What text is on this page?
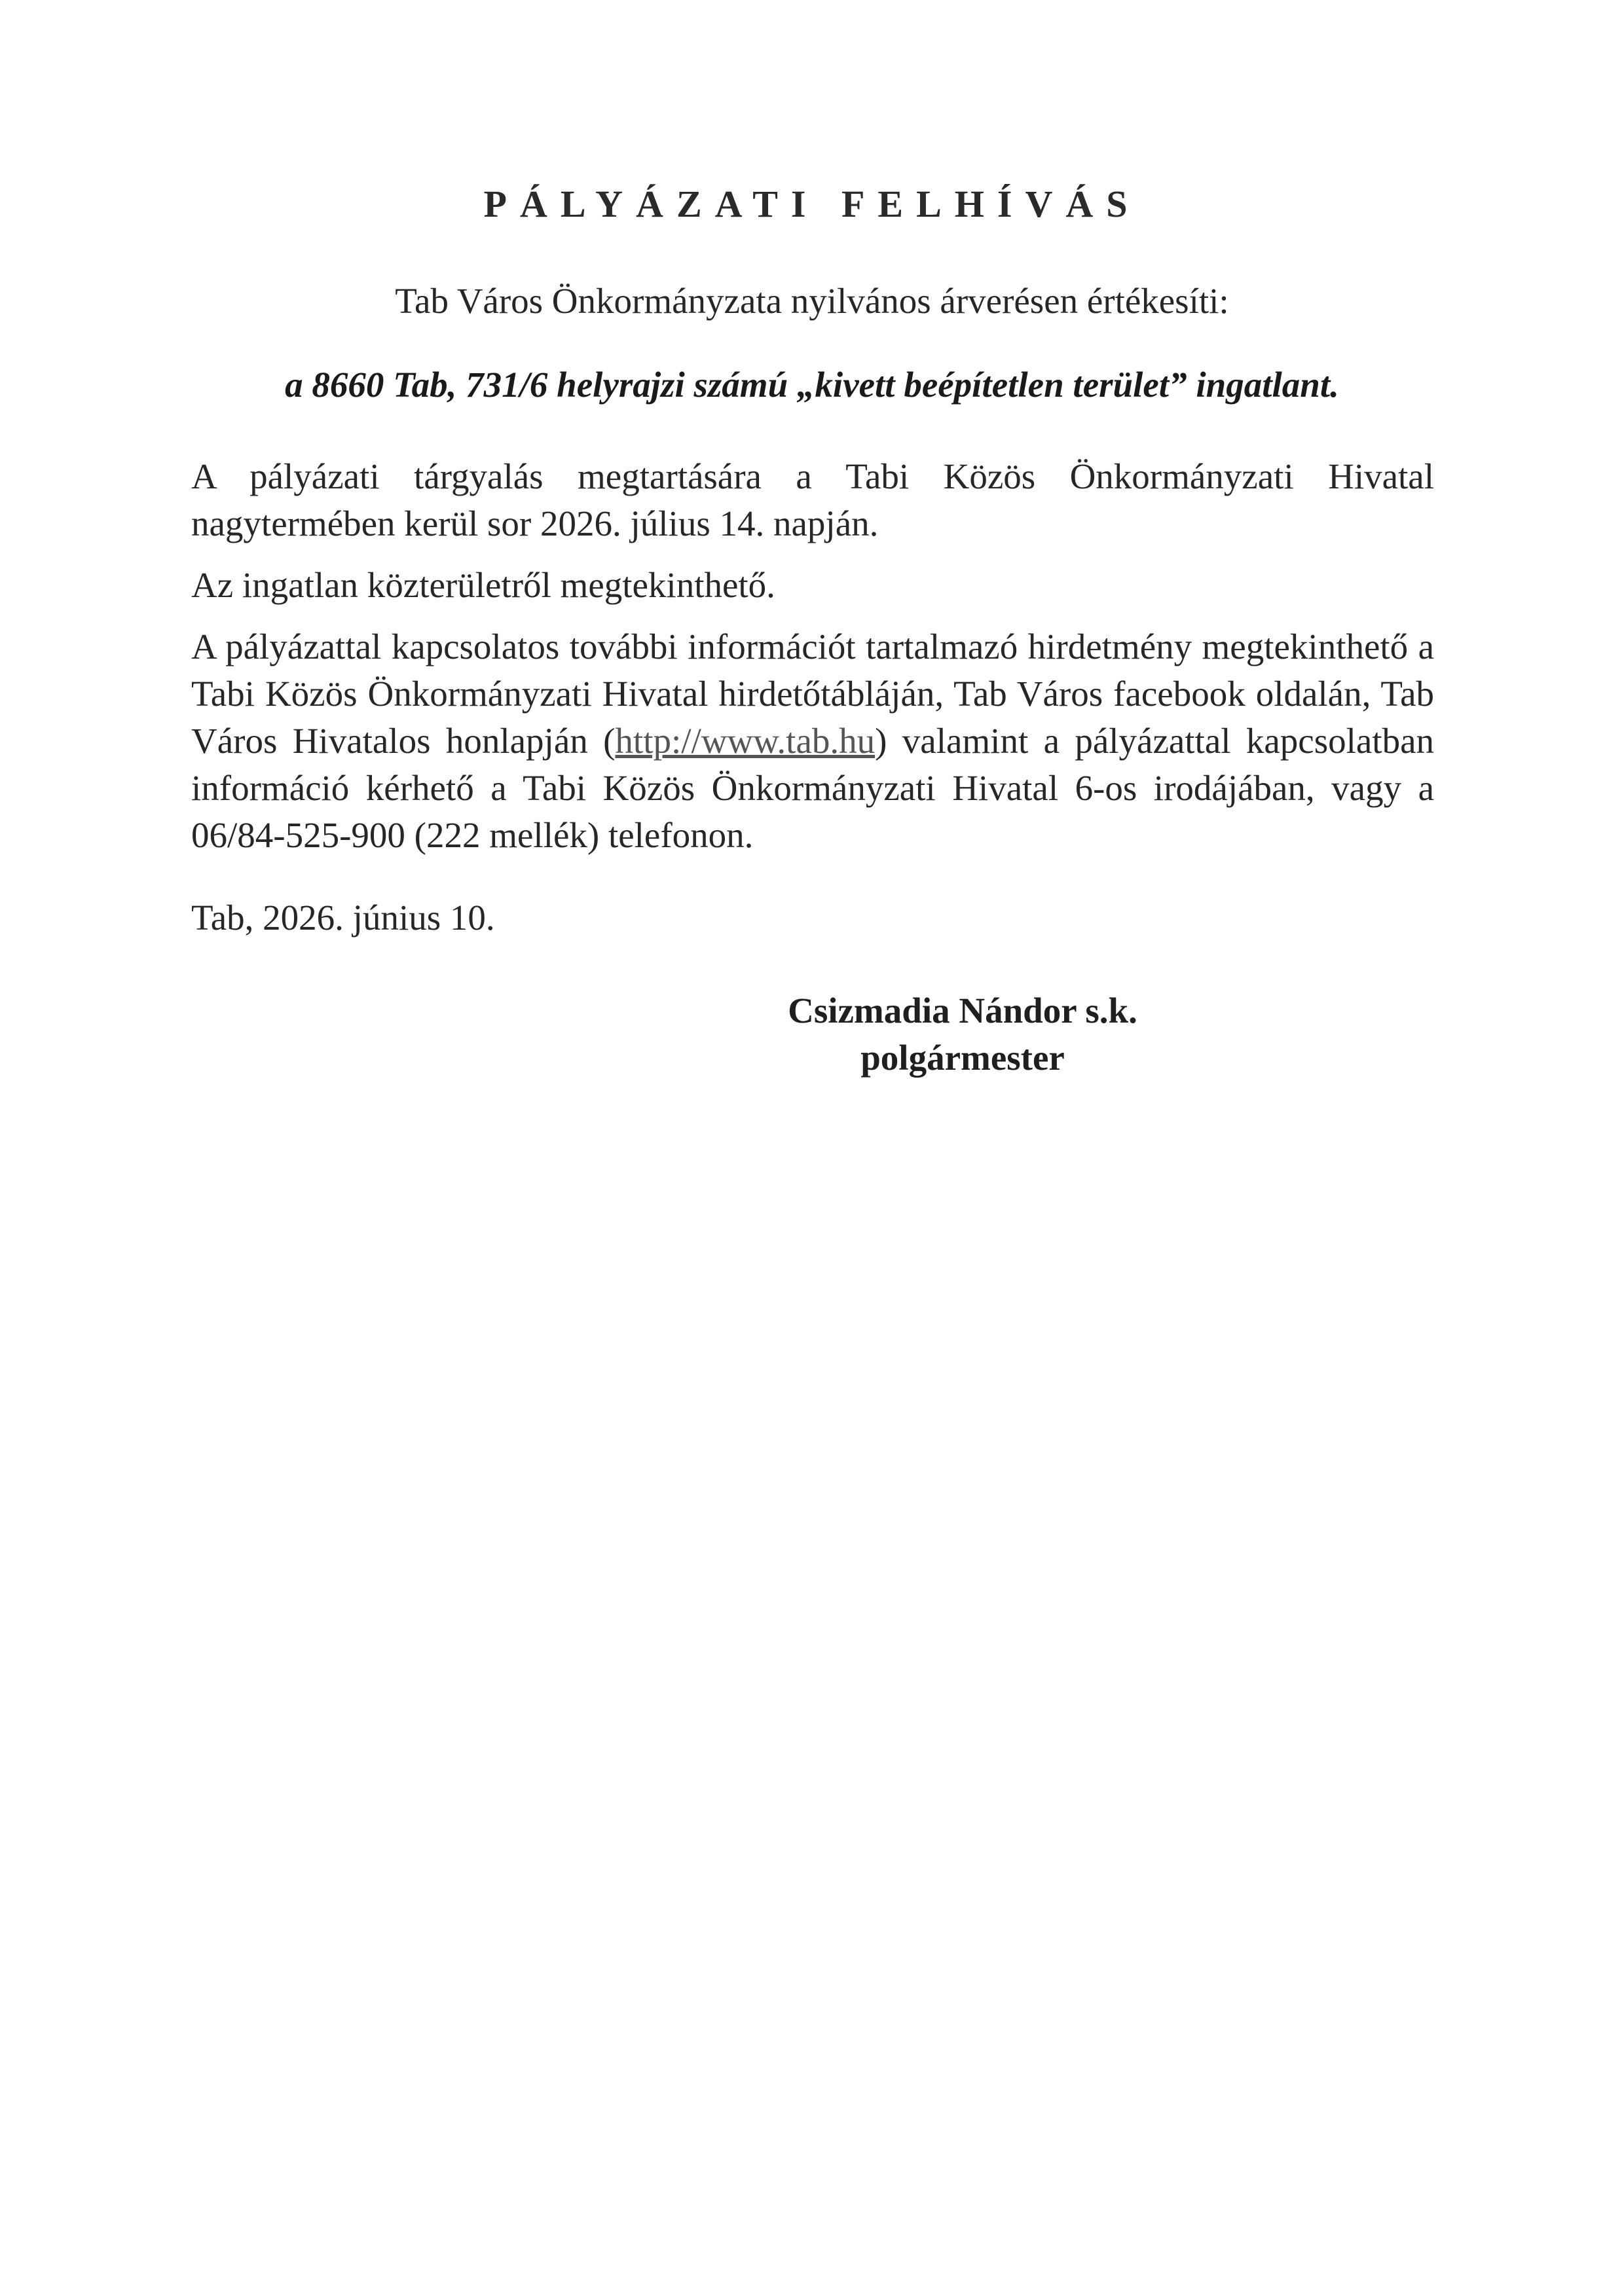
PÁLYÁZATI FELHÍVÁS
Tab Város Önkormányzata nyilvános árverésen értékesíti:
a 8660 Tab, 731/6 helyrajzi számú „kivett beépítetlen terület” ingatlant.
A pályázati tárgyalás megtartására a Tabi Közös Önkormányzati Hivatal nagytermében kerül sor 2026. július 14. napján.
Az ingatlan közterületről megtekinthető.
A pályázattal kapcsolatos további információt tartalmazó hirdetmény megtekinthető a Tabi Közös Önkormányzati Hivatal hirdetőtábláján, Tab Város facebook oldalán, Tab Város Hivatalos honlapján (http://www.tab.hu) valamint a pályázattal kapcsolatban információ kérhető a Tabi Közös Önkormányzati Hivatal 6-os irodájában, vagy a 06/84-525-900 (222 mellék) telefonon.
Tab, 2026. június 10.
Csizmadia Nándor s.k.
polgármester
